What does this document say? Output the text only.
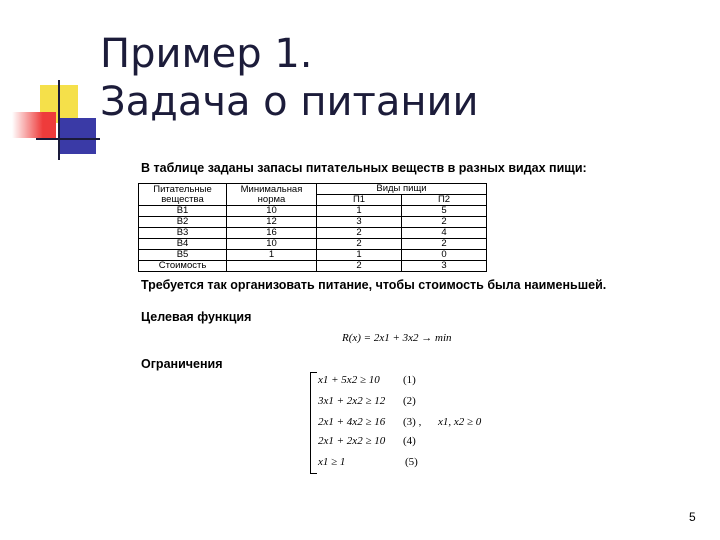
Пример 1.
Задача о питании
В таблице заданы запасы питательных веществ в разных видах пищи:
Питательные вещества	Минимальная норма	Виды пищи	
		П1	П2
В1	10	1	5
В2	12	3	2
В3	16	2	4
В4	10	2	2
В5	1	1	0
Стоимость		2	3
Требуется так организовать питание, чтобы стоимость была наименьшей.
Целевая функция
R(x) = 2x1 + 3x2 → min
Ограничения
x1 + 5x2 ≥ 10 (1)
3x1 + 2x2 ≥ 12 (2)
2x1 + 4x2 ≥ 16 (3) , x1, x2 ≥ 0
2x1 + 2x2 ≥ 10 (4)
x1 ≥ 1	(5)
5
